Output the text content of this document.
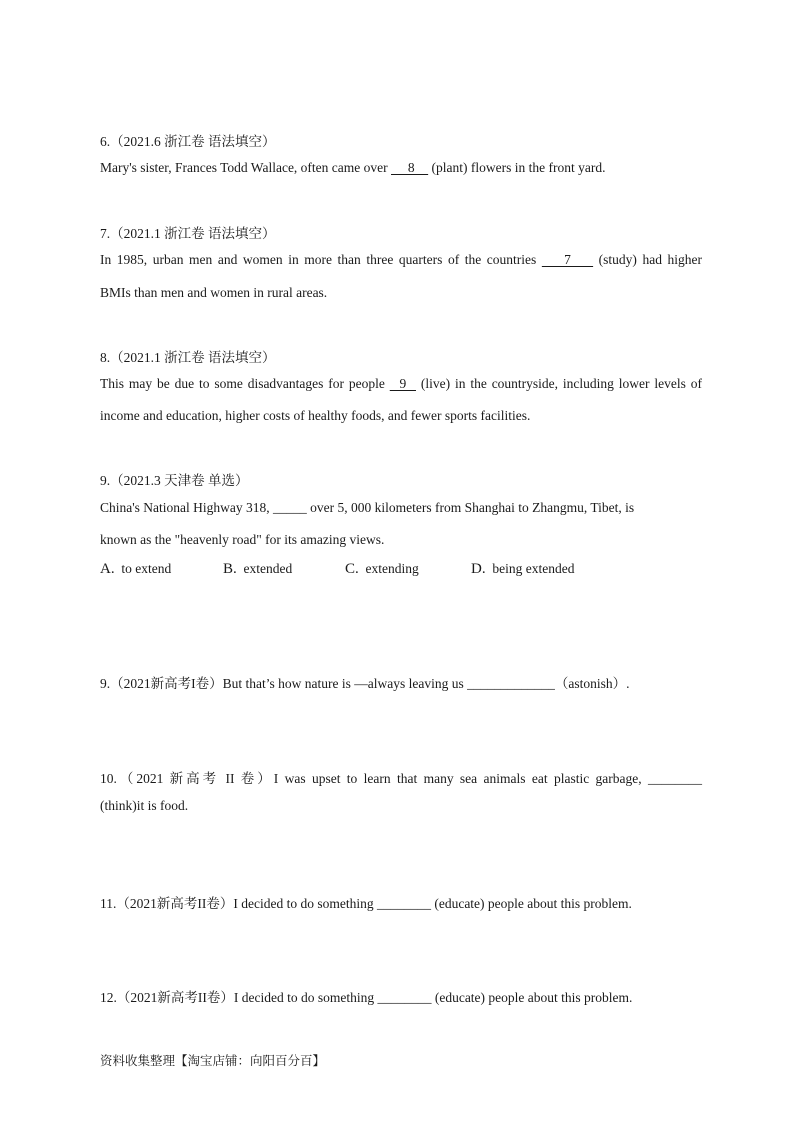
6.（2021.6 浙江卷 语法填空）
Mary's sister, Frances Todd Wallace, often came over      8     (plant) flowers in the front yard.
7.（2021.1 浙江卷 语法填空）
In 1985, urban men and women in more than three quarters of the countries     7     (study) had higher
BMIs than men and women in rural areas.
8.（2021.1 浙江卷 语法填空）
This may be due to some disadvantages for people   9   (live) in the countryside, including lower levels of
income and education, higher costs of healthy foods, and fewer sports facilities.
9.（2021.3 天津卷 单选）
China's National Highway 318, _____ over 5, 000 kilometers from Shanghai to Zhangmu, Tibet, is
known as the "heavenly road" for its amazing views.
A. to extend	B. extended	C. extending	D. being extended
9.（2021新高考I卷）But that’s how nature is —always leaving us _____________（astonish）.
10.（2021 新高考 II 卷）I was upset to learn that many sea animals eat plastic garbage, ________
(think)it is food.
11.（2021新高考II卷）I decided to do something ________ (educate) people about this problem.
12.（2021新高考II卷）I decided to do something ________ (educate) people about this problem.
资料收集整理【淘宝店铺：向阳百分百】
